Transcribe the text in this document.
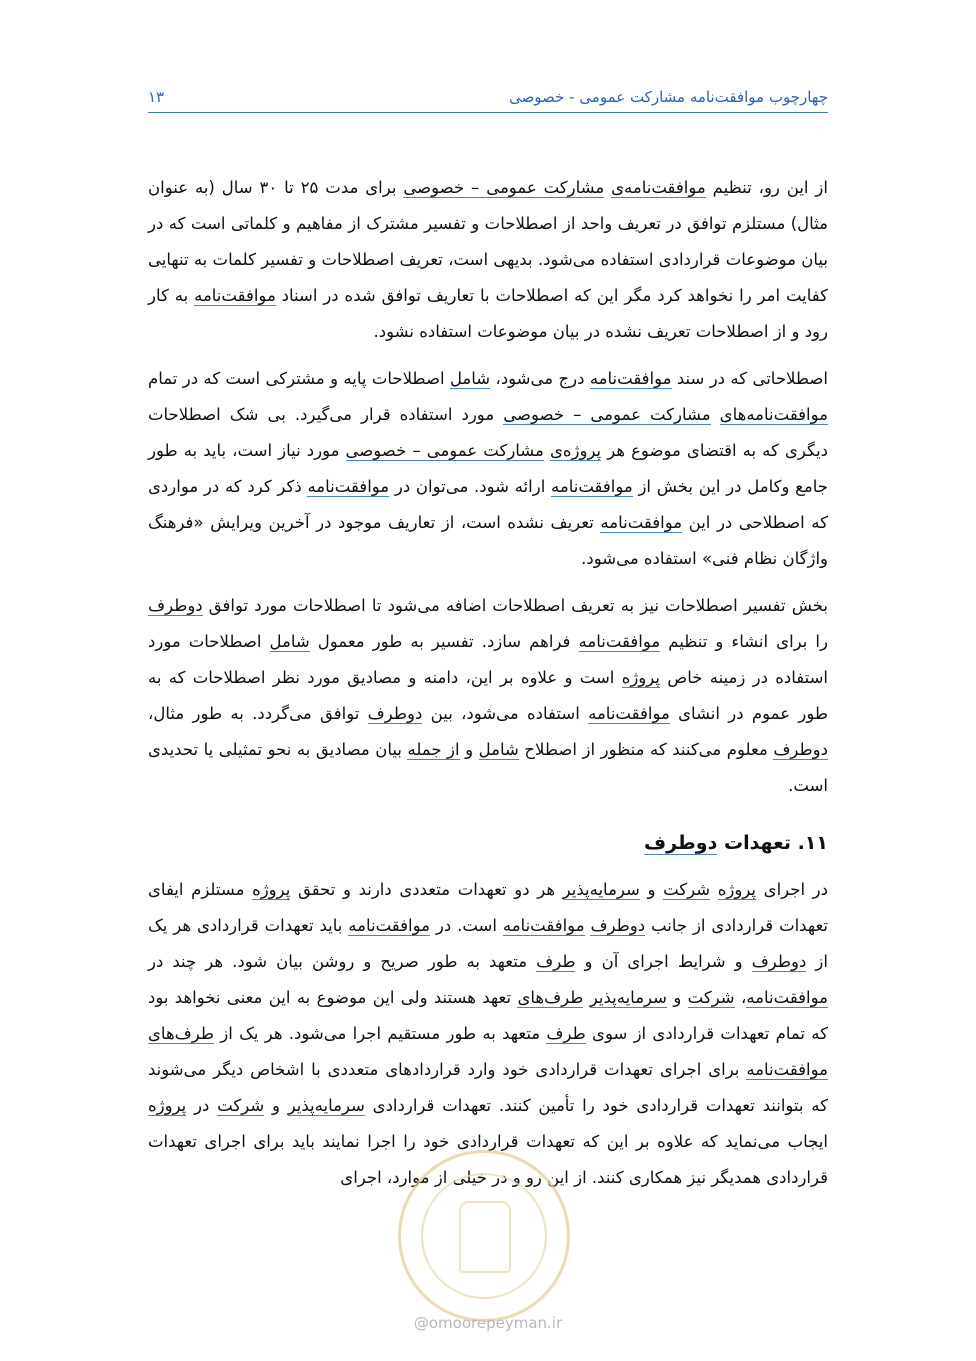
چهارچوب موافقت‌نامه مشارکت عمومی - خصوصی
۱۳

از این رو، تنظیم موافقت‌نامه‌ی مشارکت عمومی – خصوصی برای مدت ۲۵ تا ۳۰ سال (به عنوان مثال) مستلزم توافق در تعریف واحد از اصطلاحات و تفسیر مشترک از مفاهیم و کلماتی است که در بیان موضوعات قراردادی استفاده می‌شود. بدیهی است، تعریف اصطلاحات و تفسیر کلمات به تنهایی کفایت امر را نخواهد کرد مگر این که اصطلاحات با تعاریف توافق شده در اسناد موافقت‌نامه به کار رود و از اصطلاحات تعریف نشده در بیان موضوعات استفاده نشود.

اصطلاحاتی که در سند موافقت‌نامه درج می‌شود، شامل اصطلاحات پایه و مشترکی است که در تمام موافقت‌نامه‌های مشارکت عمومی – خصوصی مورد استفاده قرار می‌گیرد. بی شک اصطلاحات دیگری که به اقتضای موضوع هر پروژه‌ی مشارکت عمومی – خصوصی مورد نیاز است، باید به طور جامع وکامل در این بخش از موافقت‌نامه ارائه شود. می‌توان در موافقت‌نامه ذکر کرد که در مواردی که اصطلاحی در این موافقت‌نامه تعریف نشده است، از تعاریف موجود در آخرین ویرایش «فرهنگ واژگان نظام فنی» استفاده می‌شود.

بخش تفسیر اصطلاحات نیز به تعریف اصطلاحات اضافه می‌شود تا اصطلاحات مورد توافق دوطرف را برای انشاء و تنظیم موافقت‌نامه فراهم سازد. تفسیر به طور معمول شامل اصطلاحات مورد استفاده در زمینه خاص پروژه است و علاوه بر این، دامنه و مصادیق مورد نظر اصطلاحات که به طور عموم در انشای موافقت‌نامه استفاده می‌شود، بین دوطرف توافق می‌گردد. به طور مثال، دوطرف معلوم می‌کنند که منظور از اصطلاح شامل و از جمله بیان مصادیق به نحو تمثیلی یا تحدیدی است.

۱۱. تعهدات دوطرف

در اجرای پروژه شرکت و سرمایه‌پذیر هر دو تعهدات متعددی دارند و تحقق پروژه مستلزم ایفای تعهدات قراردادی از جانب دوطرف موافقت‌نامه است. در موافقت‌نامه باید تعهدات قراردادی هر یک از دوطرف و شرایط اجرای آن و طرف متعهد به طور صریح و روشن بیان شود. هر چند در موافقت‌نامه، شرکت و سرمایه‌پذیر طرف‌های تعهد هستند ولی این موضوع به این معنی نخواهد بود که تمام تعهدات قراردادی از سوی طرف متعهد به طور مستقیم اجرا می‌شود. هر یک از طرف‌های موافقت‌نامه برای اجرای تعهدات قراردادی خود وارد قراردادهای متعددی با اشخاص دیگر می‌شوند که بتوانند تعهدات قراردادی خود را تأمین کنند. تعهدات قراردادی سرمایه‌پذیر و شرکت در پروژه ایجاب می‌نماید که علاوه بر این که تعهدات قراردادی خود را اجرا نمایند باید برای اجرای تعهدات قراردادی همدیگر نیز همکاری کنند. از این رو و در خیلی از موارد، اجرای

@omoorepeyman.ir
